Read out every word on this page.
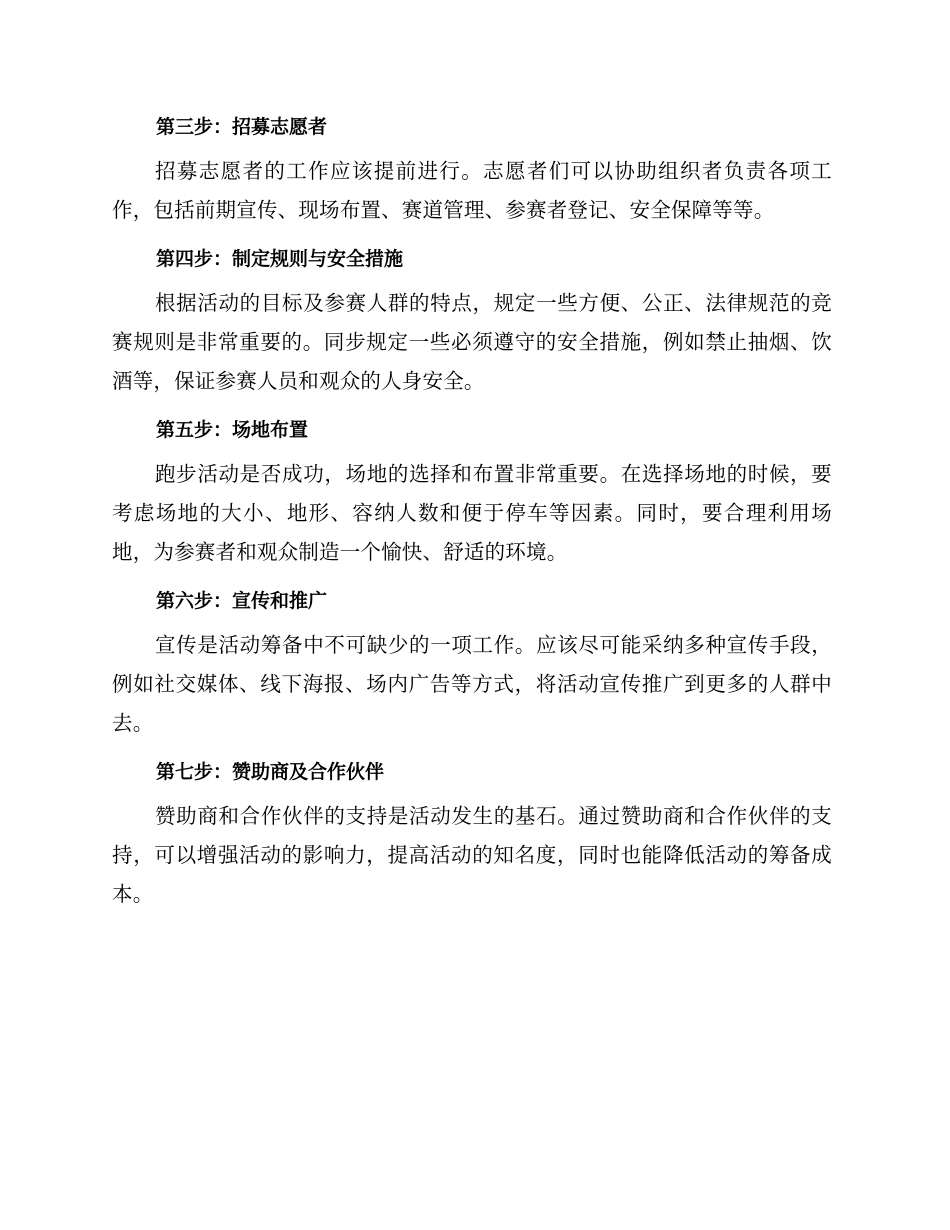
第三步：招募志愿者

招募志愿者的工作应该提前进行。志愿者们可以协助组织者负责各项工作，包括前期宣传、现场布置、赛道管理、参赛者登记、安全保障等等。

第四步：制定规则与安全措施

根据活动的目标及参赛人群的特点，规定一些方便、公正、法律规范的竞赛规则是非常重要的。同步规定一些必须遵守的安全措施，例如禁止抽烟、饮酒等，保证参赛人员和观众的人身安全。

第五步：场地布置

跑步活动是否成功，场地的选择和布置非常重要。在选择场地的时候，要考虑场地的大小、地形、容纳人数和便于停车等因素。同时，要合理利用场地，为参赛者和观众制造一个愉快、舒适的环境。

第六步：宣传和推广

宣传是活动筹备中不可缺少的一项工作。应该尽可能采纳多种宣传手段，例如社交媒体、线下海报、场内广告等方式，将活动宣传推广到更多的人群中去。

第七步：赞助商及合作伙伴

赞助商和合作伙伴的支持是活动发生的基石。通过赞助商和合作伙伴的支持，可以增强活动的影响力，提高活动的知名度，同时也能降低活动的筹备成本。
